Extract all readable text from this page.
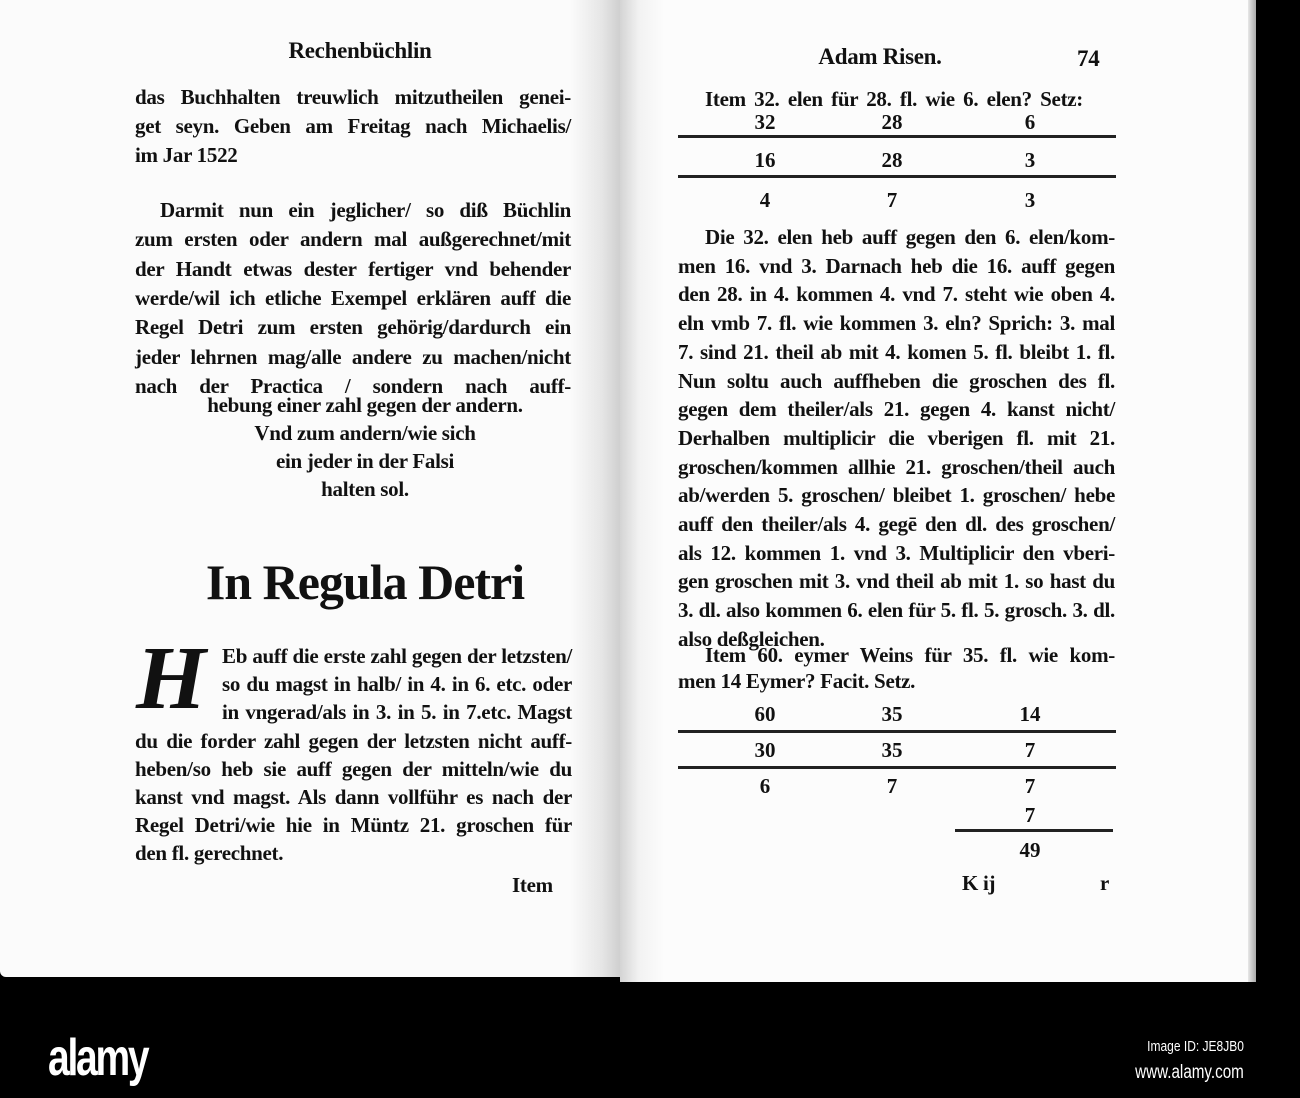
Rechenbüchlin
In Regula Detri
H
Item
Adam Risen.	74
Item 32. elen für 28. fl. wie 6. elen? Setz:
7
49
K ij	r
das Buchhalten treuwlich mitzutheilen genei-
get seyn. Geben am Freitag nach Michaelis/
im Jar 1522
Darmit nun ein jeglicher/ so diß Büchlin
zum ersten oder andern mal außgerechnet/mit
der Handt etwas dester fertiger vnd behender
werde/wil ich etliche Exempel erklären auff die
Regel Detri zum ersten gehörig/dardurch ein
jeder lehrnen mag/alle andere zu machen/nicht
nach der Practica / sondern nach auff-
hebung einer zahl gegen der andern.
Vnd zum andern/wie sich
ein jeder in der Falsi
halten sol.
Eb auff die erste zahl gegen der letzsten/
so du magst in halb/ in 4. in 6. etc. oder
in vngerad/als in 3. in 5. in 7.etc. Magst
du die forder zahl gegen der letzsten nicht auff-
heben/so heb sie auff gegen der mitteln/wie du
kanst vnd magst. Als dann vollführ es nach der
Regel Detri/wie hie in Müntz 21. groschen für
den fl. gerechnet.
32	28	6
16	28	3
4	7	3
Die 32. elen heb auff gegen den 6. elen/kom-
men 16. vnd 3. Darnach heb die 16. auff gegen
den 28. in 4. kommen 4. vnd 7. steht wie oben 4.
eln vmb 7. fl. wie kommen 3. eln? Sprich: 3. mal
7. sind 21. theil ab mit 4. komen 5. fl. bleibt 1. fl.
Nun soltu auch auffheben die groschen des fl.
gegen dem theiler/als 21. gegen 4. kanst nicht/
Derhalben multiplicir die vberigen fl. mit 21.
groschen/kommen allhie 21. groschen/theil auch
ab/werden 5. groschen/ bleibet 1. groschen/ hebe
auff den theiler/als 4. gegē den dl. des groschen/
als 12. kommen 1. vnd 3. Multiplicir den vberi-
gen groschen mit 3. vnd theil ab mit 1. so hast du
3. dl. also kommen 6. elen für 5. fl. 5. grosch. 3. dl.
also deßgleichen.
Item 60. eymer Weins für 35. fl. wie kom-
men 14 Eymer? Facit. Setz.
60	35	14
30	35	7
6	7	7
alamy	Image ID: JE8JB0
www.alamy.com
